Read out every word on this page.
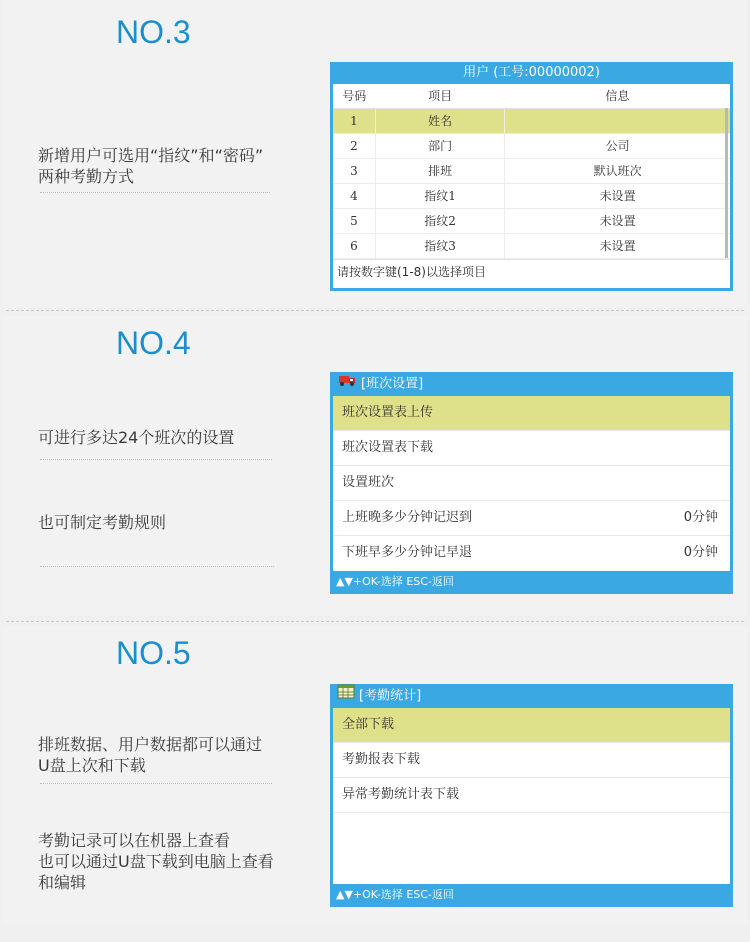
NO.3
新增用户可选用“指纹”和“密码”
两种考勤方式
用户 (工号:00000002)
号码	项目	信息
1	姓名	
2	部门	公司
3	排班	默认班次
4	指纹1	未设置
5	指纹2	未设置
6	指纹3	未设置
请按数字键(1-8)以选择项目
NO.4
可进行多达24个班次的设置
也可制定考勤规则
[班次设置]
班次设置表上传
班次设置表下载
设置班次
上班晚多少分钟记迟到	0分钟
下班早多少分钟记早退	0分钟
▲▼+OK-选择 ESC-返回
NO.5
排班数据、用户数据都可以通过
U盘上次和下载
考勤记录可以在机器上查看
也可以通过U盘下载到电脑上查看
和编辑
[考勤统计]
全部下载
考勤报表下载
异常考勤统计表下载
▲▼+OK-选择 ESC-返回
